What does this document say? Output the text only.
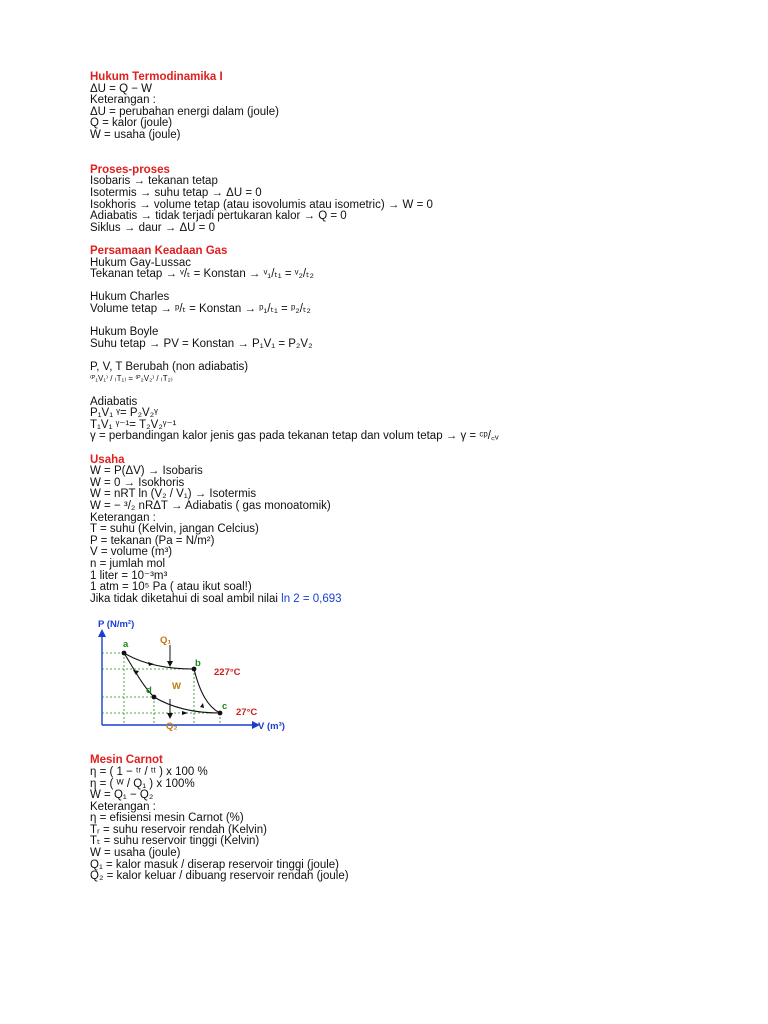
Hukum Termodinamika I
ΔU = Q − W
Keterangan :
ΔU = perubahan energi dalam (joule)
Q = kalor (joule)
W = usaha (joule)
Proses-proses
Isobaris → tekanan tetap
Isotermis → suhu tetap → ΔU = 0
Isokhoris → volume tetap (atau isovolumis atau isometric) → W = 0
Adiabatis → tidak terjadi pertukaran kalor → Q = 0
Siklus → daur → ΔU = 0
Persamaan Keadaan Gas
Hukum Gay-Lussac
Tekanan tetap → ᵛ/ₜ = Konstan → ᵛ₁/ₜ₁ = ᵛ₂/ₜ₂
Hukum Charles
Volume tetap → ᵖ/ₜ = Konstan → ᵖ₁/ₜ₁ = ᵖ₂/ₜ₂
Hukum Boyle
Suhu tetap → PV = Konstan → P₁V₁ = P₂V₂
P, V, T Berubah (non adiabatis)
⁽ᴾ₁V₁⁾ / ₍T₁₎ = ⁽ᴾ₂V₂⁾ / ₍T₂₎
Adiabatis
P₁V₁ ᵞ= P₂V₂ᵞ
T₁V₁ ᵞ⁻¹= T₂V₂ᵞ⁻¹
γ = perbandingan kalor jenis gas pada tekanan tetap dan volum tetap → γ = ᶜᵖ/꜀ᵥ
Usaha
W = P(ΔV) → Isobaris
W = 0 → Isokhoris
W = nRT ln (V₂ / V₁) → Isotermis
W = − ³/₂ nRΔT → Adiabatis ( gas monoatomik)
Keterangan :
T = suhu (Kelvin, jangan Celcius)
P = tekanan (Pa = N/m²)
V = volume (m³)
n = jumlah mol
1 liter = 10⁻³m³
1 atm = 10⁵ Pa ( atau ikut soal!)
Jika tidak diketahui di soal ambil nilai ln 2 = 0,693
P (N/m²)
V (m³)
a
b
c
d
Q₁
Q₂
W
227°C
27°C
Mesin Carnot
η = ( 1 − ᵗʳ / ᵗᵗ ) x 100 %
η = ( ᵂ / Q₁ ) x 100%
W = Q₁ − Q₂
Keterangan :
η = efisiensi mesin Carnot (%)
Tᵣ = suhu reservoir rendah (Kelvin)
Tₜ = suhu reservoir tinggi (Kelvin)
W = usaha (joule)
Q₁ = kalor masuk / diserap reservoir tinggi (joule)
Q₂ = kalor keluar / dibuang reservoir rendah (joule)
